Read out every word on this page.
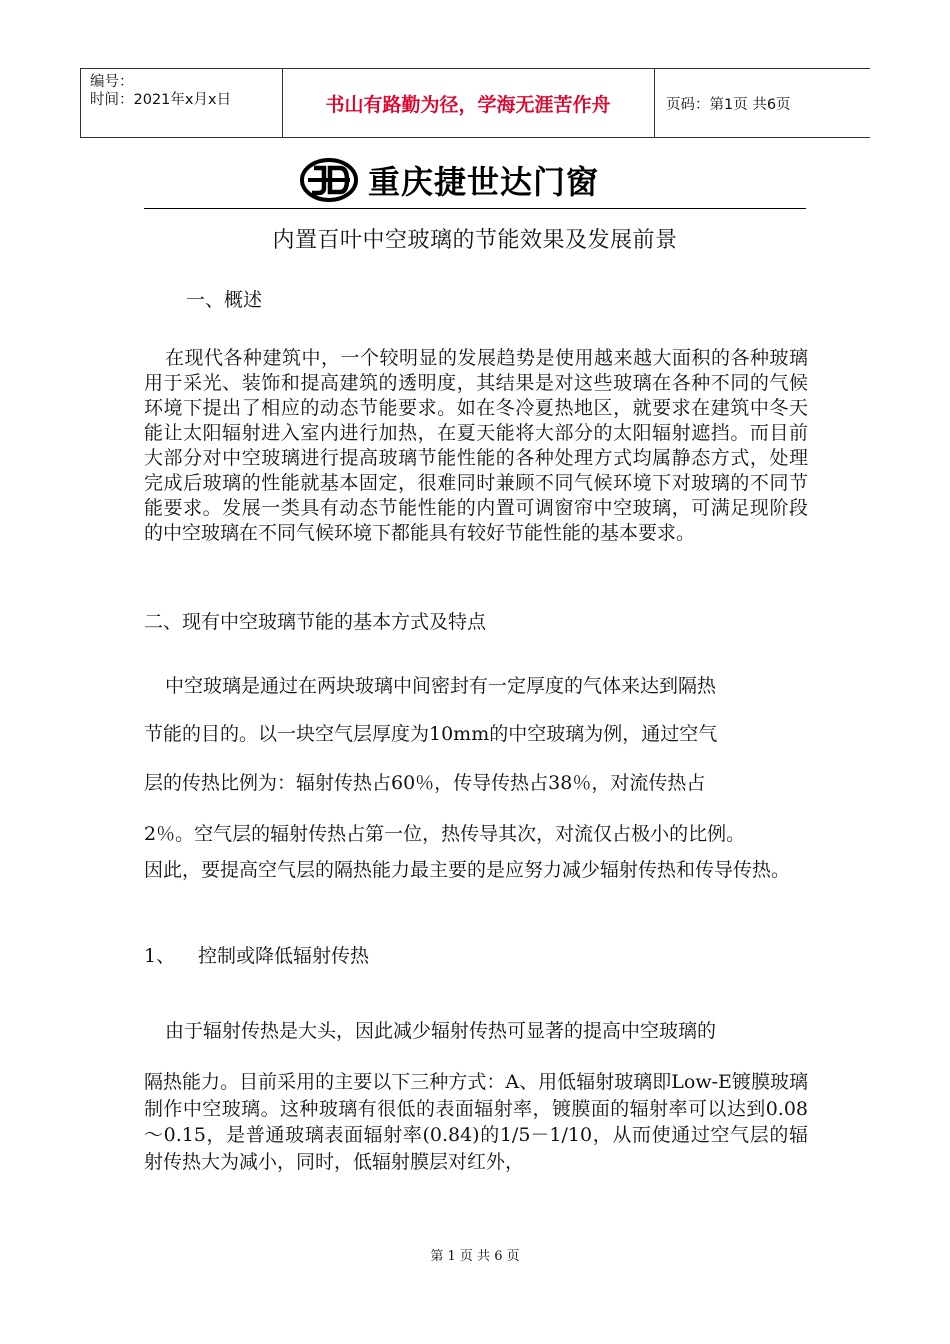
编号：
时间：2021年x月x日	书山有路勤为径，学海无涯苦作舟	页码：第1页 共6页
重庆捷世达门窗
内置百叶中空玻璃的节能效果及发展前景
一、概述
在现代各种建筑中，一个较明显的发展趋势是使用越来越大面积的各种玻璃用于采光、装饰和提高建筑的透明度，其结果是对这些玻璃在各种不同的气候环境下提出了相应的动态节能要求。如在冬冷夏热地区，就要求在建筑中冬天能让太阳辐射进入室内进行加热，在夏天能将大部分的太阳辐射遮挡。而目前大部分对中空玻璃进行提高玻璃节能性能的各种处理方式均属静态方式，处理完成后玻璃的性能就基本固定，很难同时兼顾不同气候环境下对玻璃的不同节能要求。发展一类具有动态节能性能的内置可调窗帘中空玻璃，可满足现阶段的中空玻璃在不同气候环境下都能具有较好节能性能的基本要求。
二、现有中空玻璃节能的基本方式及特点
中空玻璃是通过在两块玻璃中间密封有一定厚度的气体来达到隔热
节能的目的。以一块空气层厚度为10mm的中空玻璃为例，通过空气
层的传热比例为：辐射传热占60％，传导传热占38％，对流传热占
2％。空气层的辐射传热占第一位，热传导其次，对流仅占极小的比例。
因此，要提高空气层的隔热能力最主要的是应努力减少辐射传热和传导传热。
1、	控制或降低辐射传热
由于辐射传热是大头，因此减少辐射传热可显著的提高中空玻璃的
隔热能力。目前采用的主要以下三种方式：A、用低辐射玻璃即Low-E镀膜玻璃制作中空玻璃。这种玻璃有很低的表面辐射率，镀膜面的辐射率可以达到0.08～0.15，是普通玻璃表面辐射率(0.84)的1/5－1/10，从而使通过空气层的辐射传热大为减小，同时，低辐射膜层对红外，
第 1 页 共 6 页
